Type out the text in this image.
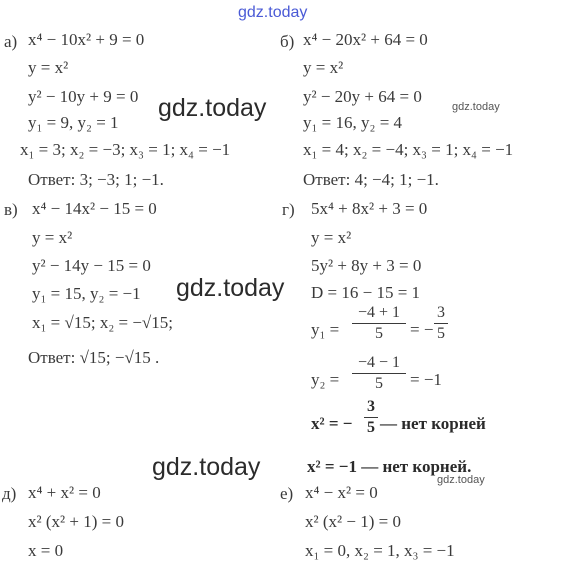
gdz.today
gdz.today
gdz.today
gdz.today
gdz.today
gdz.today
а) x⁴ − 10x² + 9 = 0
y = x²
y² − 10y + 9 = 0
y₁ = 9, y₂ = 1
x₁ = 3; x₂ = −3; x₃ = 1; x₄ = −1
Ответ: 3; −3; 1; −1.
б) x⁴ − 20x² + 64 = 0
y = x²
y² − 20y + 64 = 0
y₁ = 16, y₂ = 4
x₁ = 4; x₂ = −4; x₃ = 1; x₄ = −1
Ответ: 4; −4; 1; −1.
в) x⁴ − 14x² − 15 = 0
y = x²
y² − 14y − 15 = 0
y₁ = 15, y₂ = −1
x₁ = √15; x₂ = −√15;
Ответ: √15; −√15 .
г) 5x⁴ + 8x² + 3 = 0
y = x²
5y² + 8y + 3 = 0
D = 16 − 15 = 1
y₁ =
−4 + 1
5	= −
3
5
y₂ =
−4 − 1
5	= −1
x² = −
3
5 — нет корней
x² = −1 — нет корней.
д) x⁴ + x² = 0
x² (x² + 1) = 0
x = 0
е) x⁴ − x² = 0
x² (x² − 1) = 0
x₁ = 0, x₂ = 1, x₃ = −1
